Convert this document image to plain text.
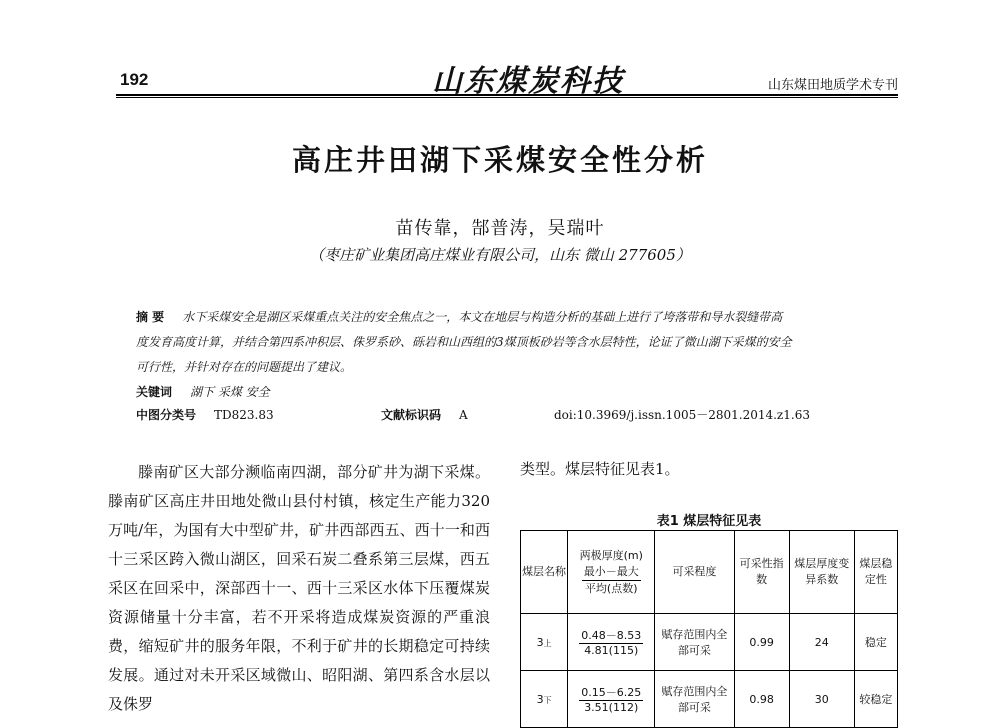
192	山东煤炭科技	山东煤田地质学术专刊
高庄井田湖下采煤安全性分析
苗传靠，郜普涛，吴瑞叶
（枣庄矿业集团高庄煤业有限公司，山东 微山 277605）
摘 要 水下采煤安全是湖区采煤重点关注的安全焦点之一，本文在地层与构造分析的基础上进行了垮落带和导水裂缝带高
度发育高度计算，并结合第四系冲积层、侏罗系砂、砾岩和山西组的3煤顶板砂岩等含水层特性，论证了微山湖下采煤的安全
可行性，并针对存在的问题提出了建议。
关键词 湖下 采煤 安全
中图分类号 TD823.83	文献标识码 A	doi:10.3969/j.issn.1005－2801.2014.z1.63

滕南矿区大部分濒临南四湖，部分矿井为湖下采煤。滕南矿区高庄井田地处微山县付村镇，核定生产能力320万吨/年，为国有大中型矿井，矿井西部西五、西十一和西十三采区跨入微山湖区，回采石炭二叠系第三层煤，西五采区在回采中，深部西十一、西十三采区水体下压覆煤炭资源储量十分丰富，若不开采将造成煤炭资源的严重浪费，缩短矿井的服务年限，不利于矿井的长期稳定可持续发展。通过对未开采区域微山、昭阳湖、第四系含水层以及侏罗

类型。煤层特征见表1。
表1 煤层特征见表
煤层名称	两极厚度(m)
最小－最大
平均(点数)	可采程度	可采性指数	煤层厚度变异系数	煤层稳定性
3上	0.48－8.53
4.81(115)	赋存范围内全部可采	0.99	24	稳定
3下	0.15－6.25
3.51(112)	赋存范围内全部可采	0.98	30	较稳定
